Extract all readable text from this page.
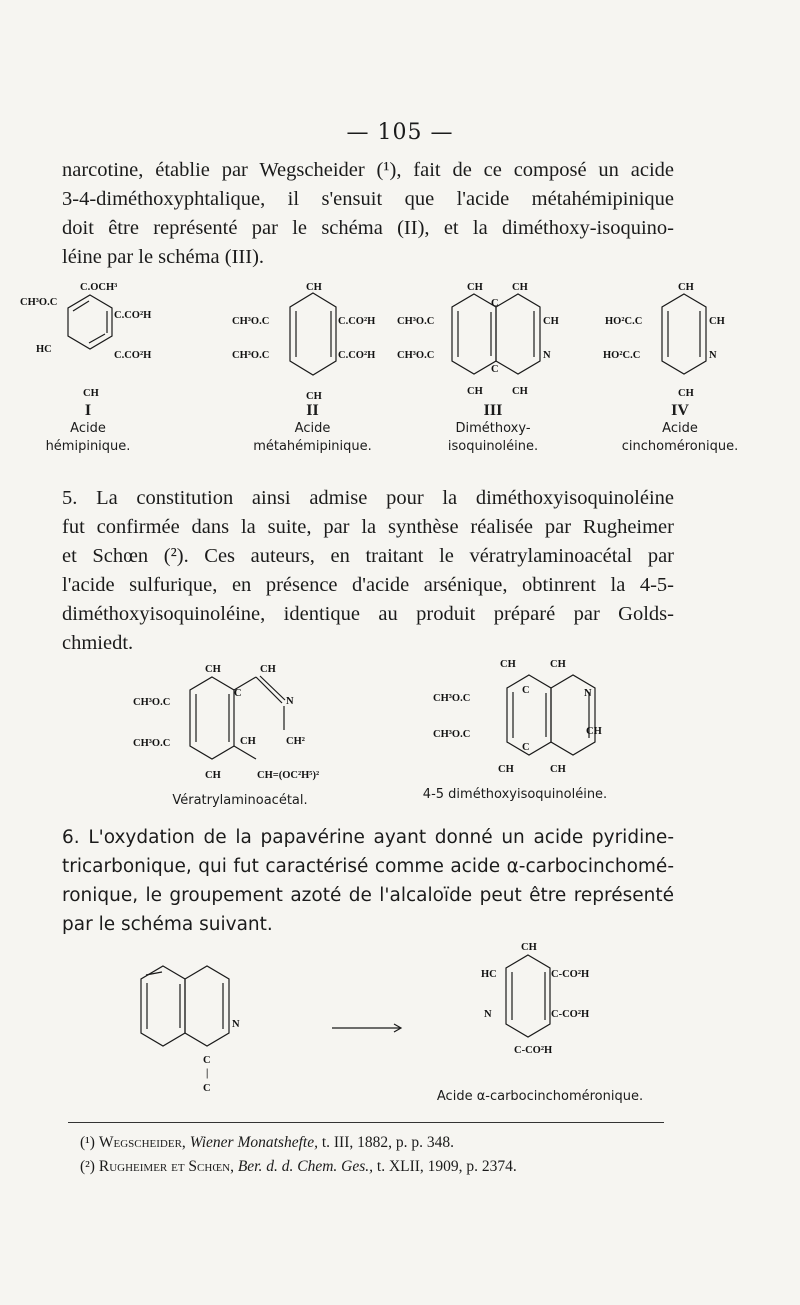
— 105 —
narcotine, établie par Wegscheider (¹), fait de ce composé un acide
3-4-diméthoxyphtalique, il s'ensuit que l'acide métahémipinique
doit être représenté par le schéma (II), et la diméthoxy-isoquino-
léine par le schéma (III).
C.OCH³
CH³O.C
HC
C.CO²H
C.CO²H
CH
CH
CH³O.C
CH³O.C
C.CO²H
C.CO²H
CH
CH	CH
CH³O.C
CH³O.C
C
C
CH
N
CH	CH
CH
HO²C.C
HO²C.C
CH
N
CH
I
Acide
hémipinique.
II
Acide
métahémipinique.
III
Diméthoxy-
isoquinoléine.
IV
Acide
cinchoméronique.
5. La constitution ainsi admise pour la diméthoxyisoquinoléine
fut confirmée dans la suite, par la synthèse réalisée par Rugheimer
et Schœn (²). Ces auteurs, en traitant le vératrylaminoacétal par
l'acide sulfurique, en présence d'acide arsénique, obtinrent la 4-5-
diméthoxyisoquinoléine, identique au produit préparé par Golds-
chmiedt.
CH	CH
CH³O.C
CH³O.C
C
N
CH	CH²
CH	CH=(OC²H⁵)²
CH	CH
CH³O.C
CH³O.C
C
C
N
CH
CH	CH
Vératrylaminoacétal.	4-5 diméthoxyisoquinoléine.
6. L'oxydation de la papavérine ayant donné un acide pyridine-
tricarbonique, qui fut caractérisé comme acide α-carbocinchomé-
ronique, le groupement azoté de l'alcaloïde peut être représenté
par le schéma suivant.
N
C
|
C
CH
HC
N
C-CO²H
C-CO²H
C-CO²H
Acide α-carbocinchoméronique.
(¹) Wegscheider, Wiener Monatshefte, t. III, 1882, p. p. 348.
(²) Rugheimer et Schœn, Ber. d. d. Chem. Ges., t. XLII, 1909, p. 2374.
